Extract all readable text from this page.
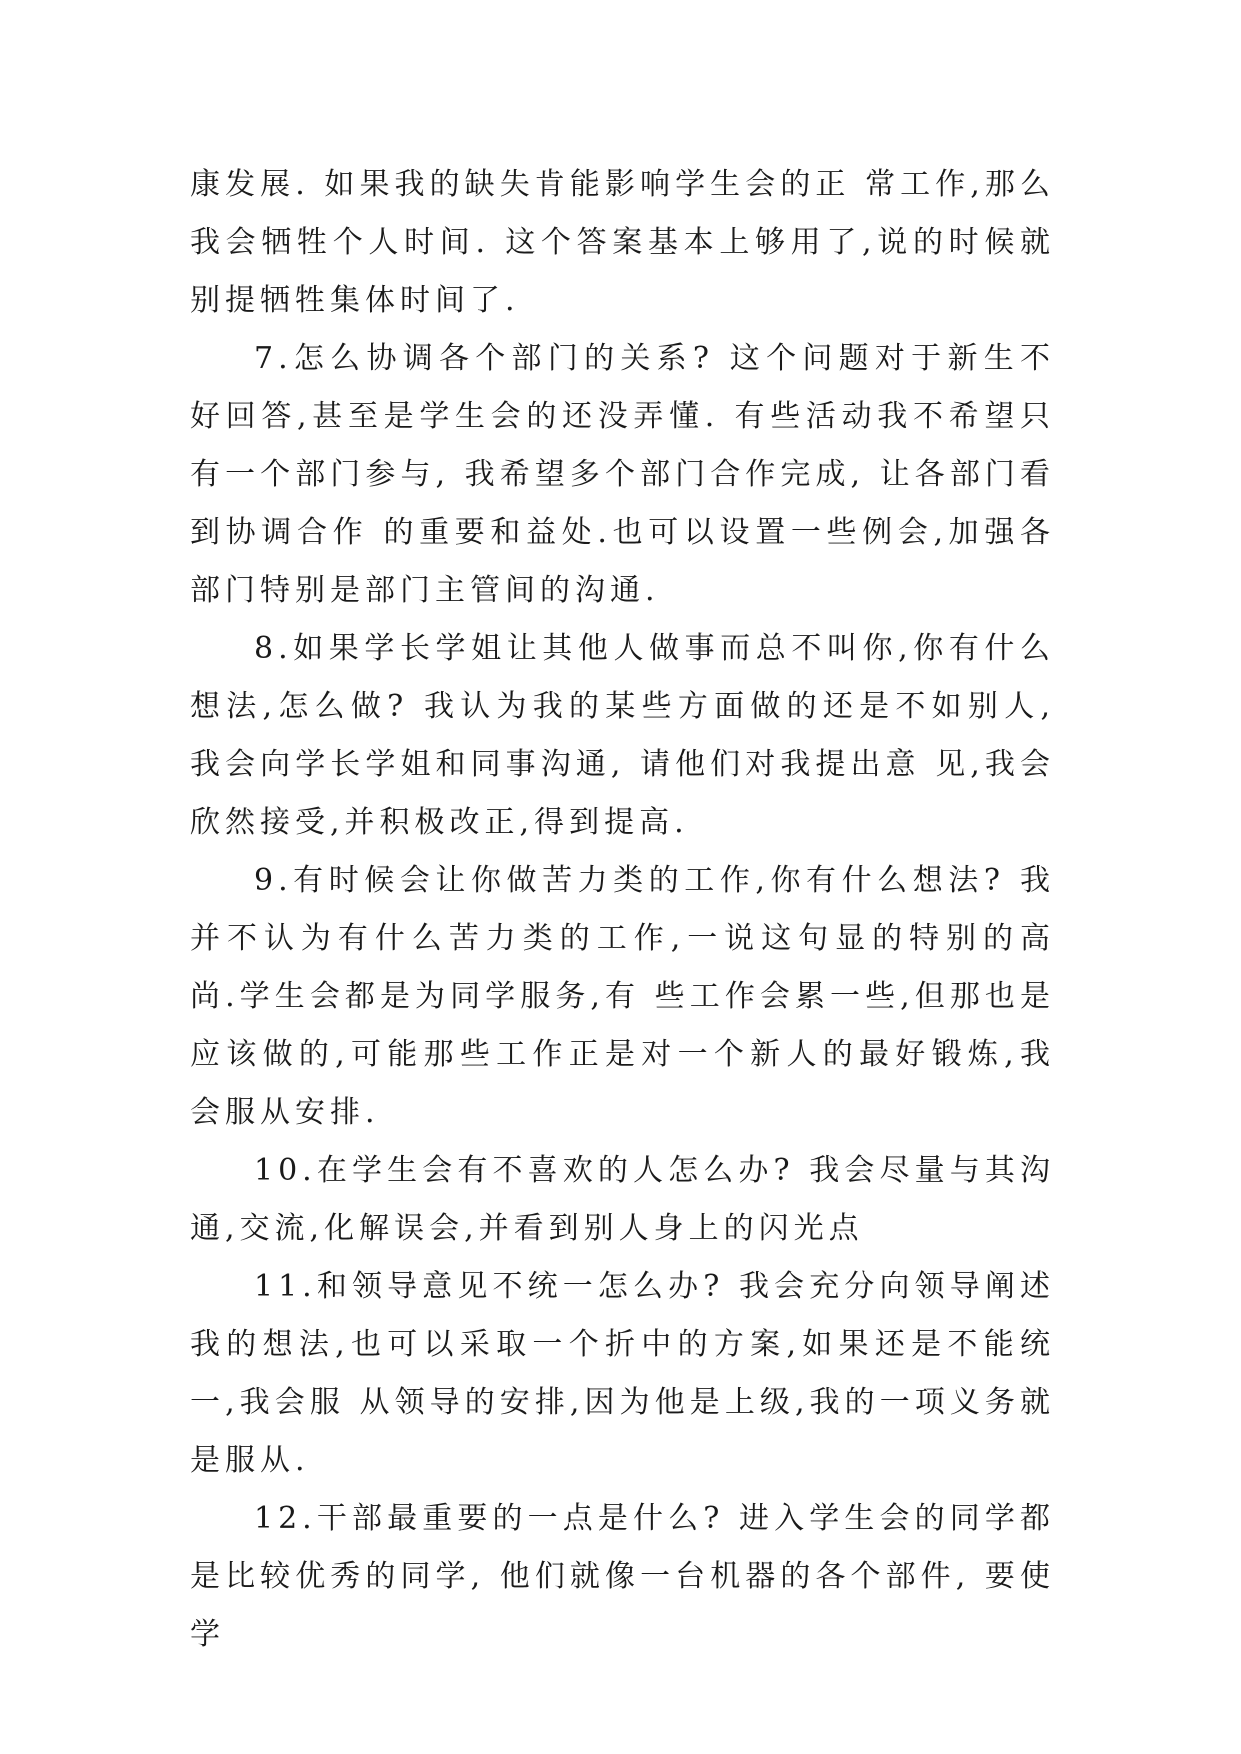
康发展. 如果我的缺失肯能影响学生会的正 常工作,那么我会牺牲个人时间. 这个答案基本上够用了,说的时候就别提牺牲集体时间了.

7.怎么协调各个部门的关系? 这个问题对于新生不好回答,甚至是学生会的还没弄懂. 有些活动我不希望只有一个部门参与, 我希望多个部门合作完成, 让各部门看到协调合作 的重要和益处.也可以设置一些例会,加强各部门特别是部门主管间的沟通.

8.如果学长学姐让其他人做事而总不叫你,你有什么想法,怎么做? 我认为我的某些方面做的还是不如别人, 我会向学长学姐和同事沟通, 请他们对我提出意 见,我会欣然接受,并积极改正,得到提高.

9.有时候会让你做苦力类的工作,你有什么想法? 我并不认为有什么苦力类的工作,一说这句显的特别的高尚.学生会都是为同学服务,有 些工作会累一些,但那也是应该做的,可能那些工作正是对一个新人的最好锻炼,我会服从安排.

10.在学生会有不喜欢的人怎么办? 我会尽量与其沟通,交流,化解误会,并看到别人身上的闪光点

11.和领导意见不统一怎么办? 我会充分向领导阐述我的想法,也可以采取一个折中的方案,如果还是不能统一,我会服 从领导的安排,因为他是上级,我的一项义务就是服从.

12.干部最重要的一点是什么? 进入学生会的同学都是比较优秀的同学, 他们就像一台机器的各个部件, 要使学
